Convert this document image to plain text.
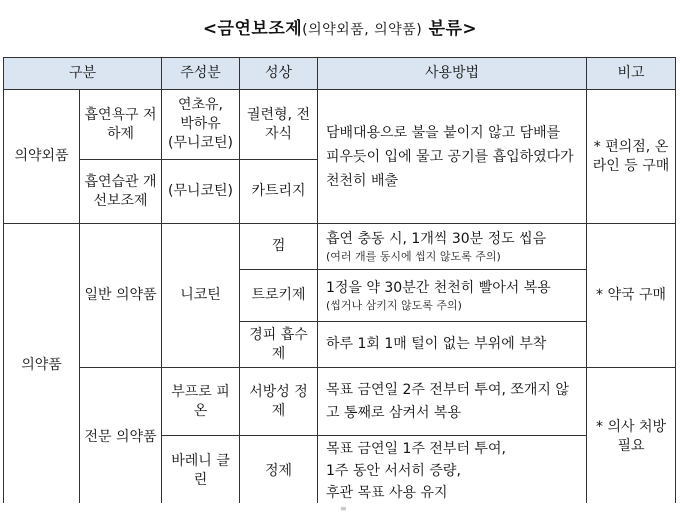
<금연보조제(의약외품, 의약품) 분류>
구분		주성분	성상	사용방법	비고
의약외품	흡연욕구 저하제	연초유,
박하유
(무니코틴)	궐련형, 전자식	담배대용으로 불을 붙이지 않고 담배를 피우듯이 입에 물고 공기를 흡입하였다가 천천히 배출	* 편의점, 온라인 등 구매
	흡연습관 개선보조제	(무니코틴)	카트리지		
의약품	일반 의약품	니코틴	껌	흡연 충동 시, 1개씩 30분 정도 씹음
(여러 개를 동시에 씹지 않도록 주의)	* 약국 구매
			트로키제	1정을 약 30분간 천천히 빨아서 복용
(씹거나 삼키지 않도록 주의)	

			경피 흡수제	하루 1회 1매 털이 없는 부위에 부착	
	전문 의약품	부프로 피온	서방성 정제	목표 금연일 2주 전부터 투여, 쪼개지 않고 통째로 삼켜서 복용	* 의사 처방 필요
		바레니 클린	정제	목표 금연일 1주 전부터 투여,
1주 동안 서서히 증량,
후관 목표 사용 유지	
≡
